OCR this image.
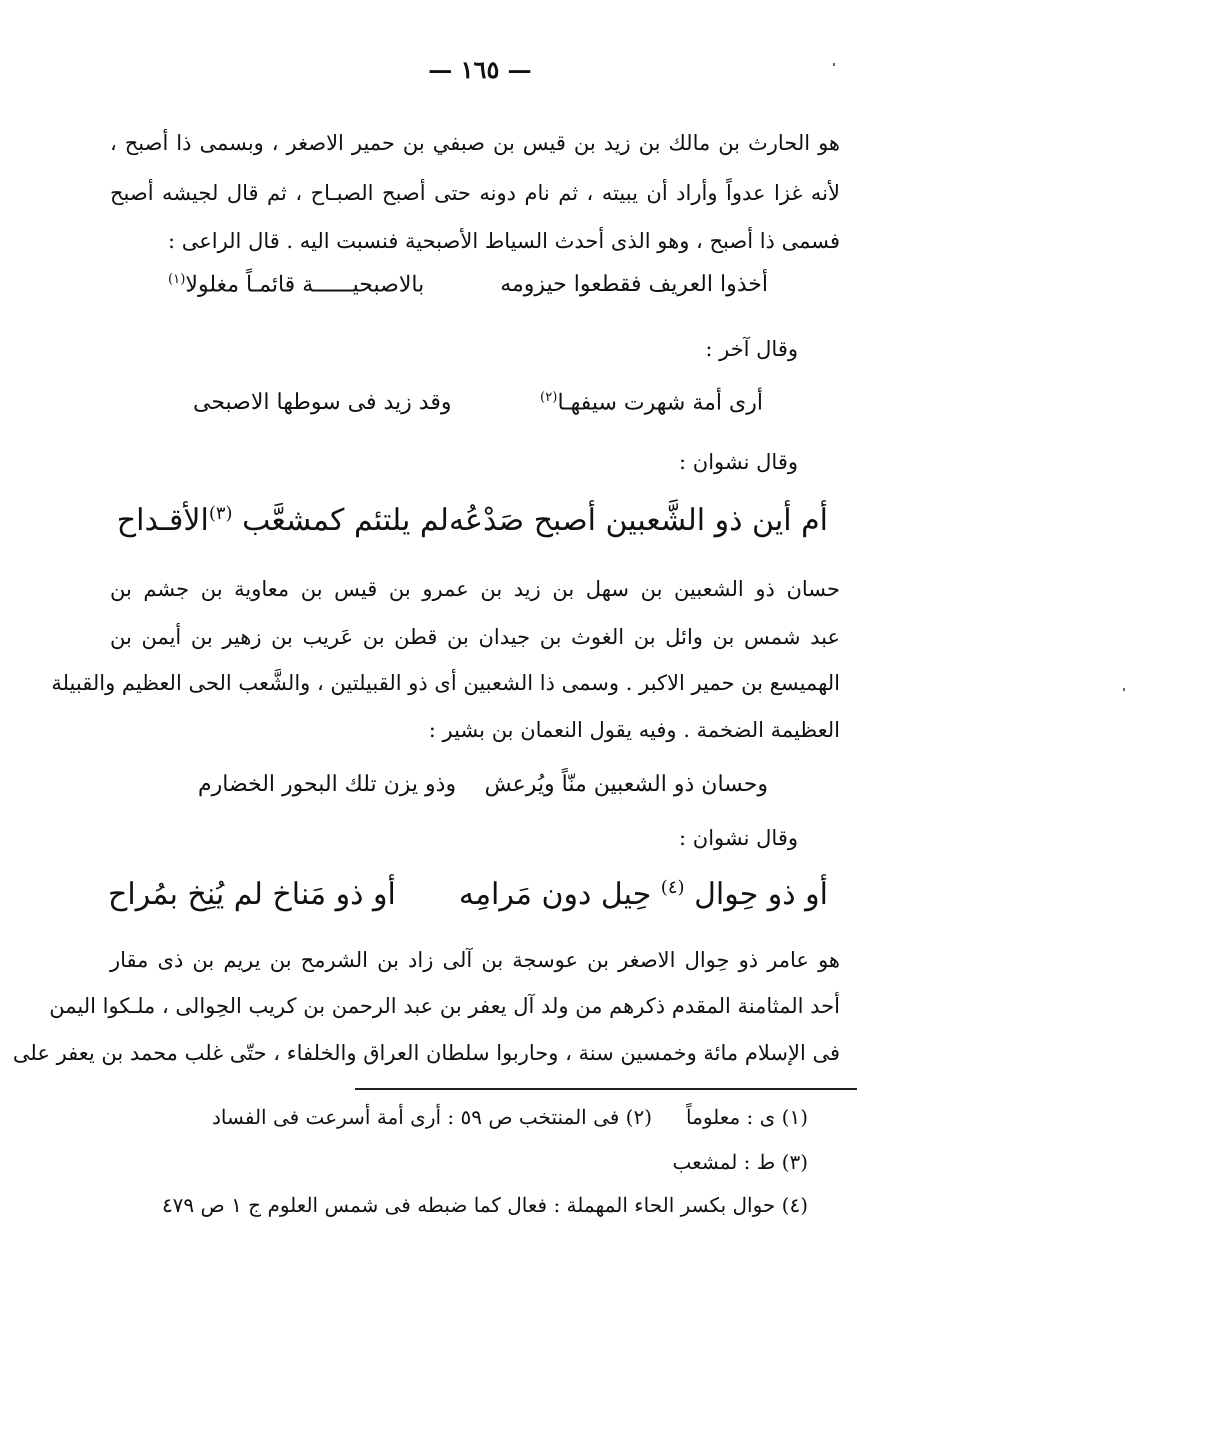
— ١٦٥ —
هو الحارث بن مالك بن زيد بن قيس بن صبفي بن حمير الاصغر ، وبسمى ذا أصبح ،
لأنه غزا عدواً وأراد أن يبيته ، ثم نام دونه حتى أصبح الصبـاح ، ثم قال لجيشه أصبح
فسمى ذا أصبح ، وهو الذى أحدث السياط الأصبحية فنسبت اليه . قال الراعى :
أخذوا العريف فقطعوا حيزومه
بالاصبحيــــــة قائمـاً مغلولا$^{(١)}$
وقال آخر :
أرى أمة شهرت سيفهـا$^{(٢)}$
وقد زيد فى سوطها الاصبحى
وقال نشوان :
أم أين ذو الشَّعبين أصبح صَدْعُه
لم يلتئم كمشعَّب $^{(٣)}$الأقـداح
حسان ذو الشعبين بن سهل بن زيد بن عمرو بن قيس بن معاوية بن جشم بن
عبد شمس بن وائل بن الغوث بن جيدان بن قطن بن عَريب بن زهير بن أيمن بن
الهميسع بن حمير الاكبر . وسمى ذا الشعبين أى ذو القبيلتين ، والشَّعب الحى العظيم والقبيلة
العظيمة الضخمة . وفيه يقول النعمان بن بشير :
وحسان ذو الشعبين منّاً ويُرعش
وذو يزن تلك البحور الخضارم
وقال نشوان :
أو ذو حِوال $^{(٤)}$ حِيل دون مَرامِه
أو ذو مَناخ لم يُنِخ بمُراح
هو عامر ذو حِوال الاصغر بن عوسجة بن آلى زاد بن الشرمح بن يريم بن ذى مقار
أحد المثامنة المقدم ذكرهم من ولد آل يعفر بن عبد الرحمن بن كريب الحِوالى ، ملـكوا اليمن
فى الإسلام مائة وخمسين سنة ، وحاربوا سلطان العراق والخلفاء ، حتّى غلب محمد بن يعفر على
(١) ى : معلوماً(٢) فى المنتخب ص ٥٩ : أرى أمة أسرعت فى الفساد
(٣) ط : لمشعب
(٤) حوال بكسر الحاء المهملة : فعال كما ضبطه فى شمس العلوم ج ١ ص ٤٧٩
